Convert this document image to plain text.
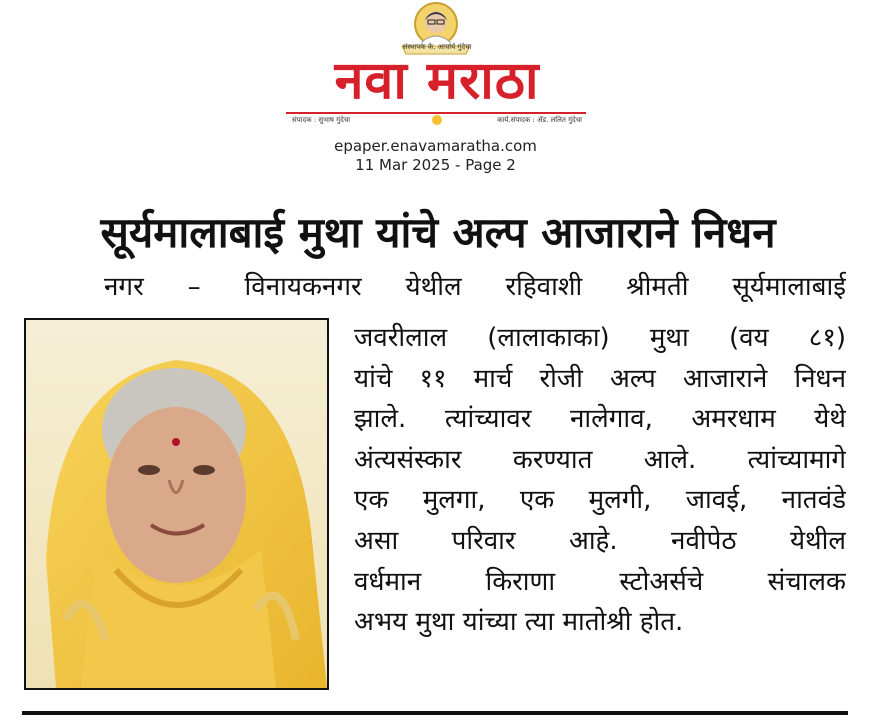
संस्थापक के. आचार्य गुंदेचा
नवा मराठा
संपादक : सुभाष गुंदेचा	कार्य.संपादक : ॲड. ललित गुंदेचा
epaper.enavamaratha.com
11 Mar 2025 - Page 2
सूर्यमालाबाई मुथा यांचे अल्प आजाराने निधन
नगर – विनायकनगर येथील रहिवाशी श्रीमती सूर्यमालाबाई
जवरीलाल (लालाकाका) मुथा (वय ८१)
यांचे ११ मार्च रोजी अल्प आजाराने निधन
झाले. त्यांच्यावर नालेगाव, अमरधाम येथे
अंत्यसंस्कार करण्यात आले. त्यांच्यामागे
एक मुलगा, एक मुलगी, जावई, नातवंडे
असा परिवार आहे. नवीपेठ येथील
वर्धमान किराणा स्टोअर्सचे संचालक
अभय मुथा यांच्या त्या मातोश्री होत.
